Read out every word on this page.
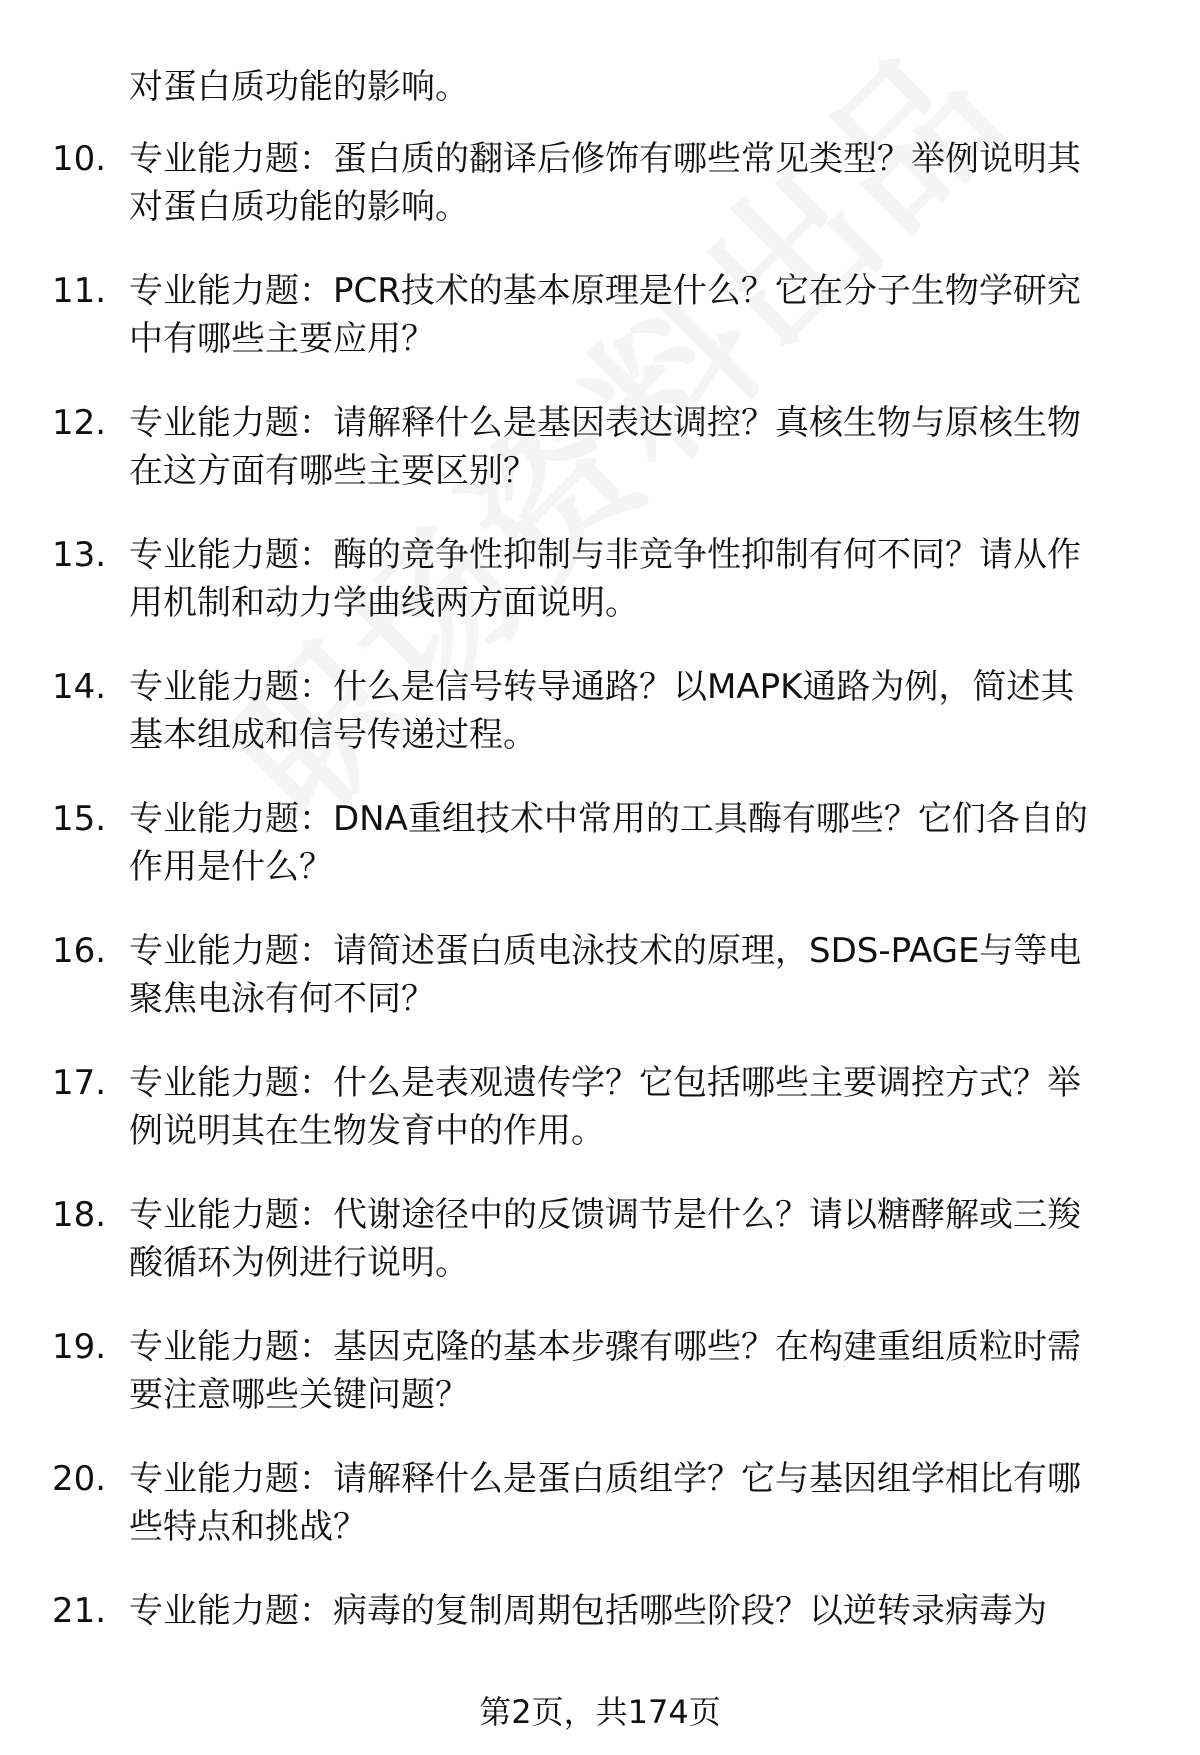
对蛋白质功能的影响。
10. 专业能力题：蛋白质的翻译后修饰有哪些常见类型？举例说明其
对蛋白质功能的影响。
11. 专业能力题：PCR技术的基本原理是什么？它在分子生物学研究
中有哪些主要应用？
12. 专业能力题：请解释什么是基因表达调控？真核生物与原核生物
在这方面有哪些主要区别？
13. 专业能力题：酶的竞争性抑制与非竞争性抑制有何不同？请从作
用机制和动力学曲线两方面说明。
14. 专业能力题：什么是信号转导通路？以MAPK通路为例，简述其
基本组成和信号传递过程。
15. 专业能力题：DNA重组技术中常用的工具酶有哪些？它们各自的
作用是什么？
16. 专业能力题：请简述蛋白质电泳技术的原理，SDS-PAGE与等电
聚焦电泳有何不同？
17. 专业能力题：什么是表观遗传学？它包括哪些主要调控方式？举
例说明其在生物发育中的作用。
18. 专业能力题：代谢途径中的反馈调节是什么？请以糖酵解或三羧
酸循环为例进行说明。
19. 专业能力题：基因克隆的基本步骤有哪些？在构建重组质粒时需
要注意哪些关键问题？
20. 专业能力题：请解释什么是蛋白质组学？它与基因组学相比有哪
些特点和挑战？
21. 专业能力题：病毒的复制周期包括哪些阶段？以逆转录病毒为
第2页，共174页
